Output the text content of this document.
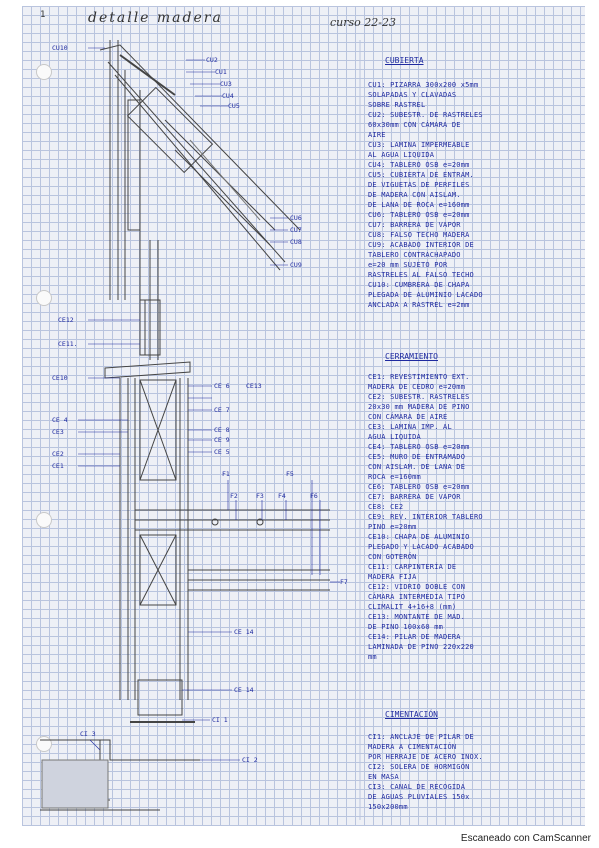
1	detalle madera	curso 22-23
CU10
CU2
CU1
CU3
CU4
CU5
CU6
CU7
CU8
CU9
CE12
CE11.
CE10
CE 6	CE13
CE 7
CE 4
CE3	CE 8
CE 9
CE2	CE 5
CE1
F1
F2	F3 F4
F5
F6
F7
CE 14
CE 14
CI 1
CI 3
CI 2
CUBIERTA
CU1: PIZARRA 300x200 x5mm
SOLAPADAS Y CLAVADAS
SOBRE RASTREL
CU2: SUBESTR. DE RASTRELES
60x30mm CON CÁMARA DE
AIRE
CU3: LAMINA IMPERMEABLE
AL AGUA LIQUIDA
CU4: TABLERO OSB e=20mm
CU5: CUBIERTA DE ENTRAM.
DE VIGUETAS DE PERFILES
DE MADERA CON AISLAM.
DE LANA DE ROCA e=160mm
CU6: TABLERO OSB e=20mm
CU7: BARRERA DE VAPOR
CU8: FALSO TECHO MADERA
CU9: ACABADO INTERIOR DE
TABLERO CONTRACHAPADO
e=20 mm SUJETO POR
RASTRELES AL FALSO TECHO
CU10: CUMBRERA DE CHAPA
PLEGADA DE ALUMINIO LACADO
ANCLADA A RASTREL e=2mm
CERRAMIENTO
CE1: REVESTIMIENTO EXT.
MADERA DE CEDRO e=20mm
CE2: SUBESTR. RASTRELES
20x30 mm MADERA DE PINO
CON CÁMARA DE AIRE
CE3: LAMINA IMP. AL
AGUA LIQUIDA
CE4: TABLERO OSB e=20mm
CE5: MURO DE ENTRAMADO
CON AISLAM. DE LANA DE
ROCA e=160mm
CE6: TABLERO OSB e=20mm
CE7: BARRERA DE VAPOR
CE8: CE2
CE9: REV. INTERIOR TABLERO
PINO e=20mm
CE10: CHAPA DE ALUMINIO
PLEGADO Y LACADO ACABADO
CON GOTERÓN
CE11: CARPINTERÍA DE
MADERA FIJA
CE12: VIDRIO DOBLE CON
CÁMARA INTERMEDIA TIPO
CLIMALIT 4+16+8 (mm)
CE13: MONTANTE DE MAD.
DE PINO 100x60 mm
CE14: PILAR DE MADERA
LAMINADA DE PINO 220x220
mm
CIMENTACIÓN
CI1: ANCLAJE DE PILAR DE
MADERA A CIMENTACIÓN
POR HERRAJE DE ACERO INOX.
CI2: SOLERA DE HORMIGÓN
EN MASA
CI3: CANAL DE RECOGIDA
DE AGUAS PLUVIALES 150x
150x200mm
Escaneado con CamScanner
